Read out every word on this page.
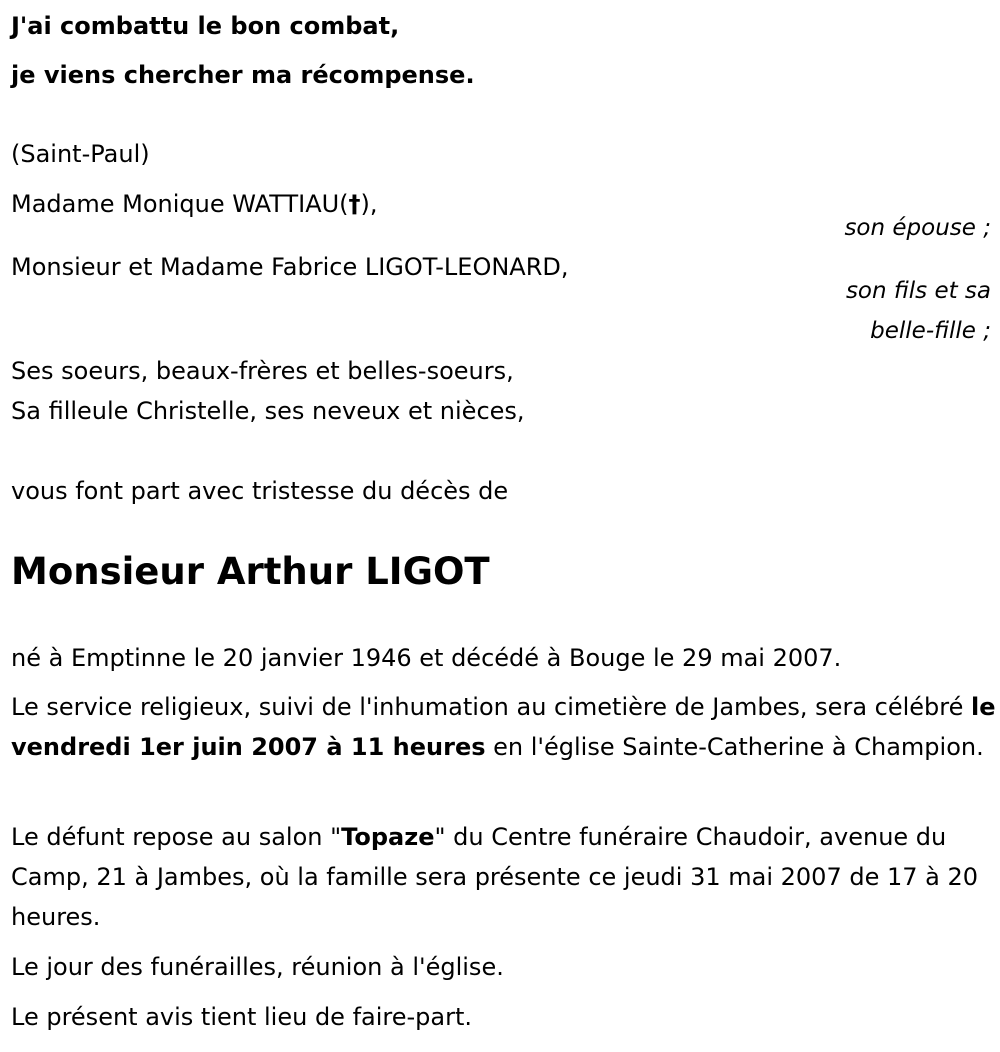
J'ai combattu le bon combat,
je viens chercher ma récompense.
(Saint-Paul)
Madame Monique WATTIAU(†),
son épouse ;
Monsieur et Madame Fabrice LIGOT-LEONARD,
son fils et sa
belle-fille ;
Ses soeurs, beaux-frères et belles-soeurs,
Sa filleule Christelle, ses neveux et nièces,
vous font part avec tristesse du décès de
Monsieur Arthur LIGOT
né à Emptinne le 20 janvier 1946 et décédé à Bouge le 29 mai 2007.
Le service religieux, suivi de l'inhumation au cimetière de Jambes, sera célébré le vendredi 1er juin 2007 à 11 heures en l'église Sainte-Catherine à Champion.
Le défunt repose au salon "Topaze" du Centre funéraire Chaudoir, avenue du Camp, 21 à Jambes, où la famille sera présente ce jeudi 31 mai 2007 de 17 à 20 heures.
Le jour des funérailles, réunion à l'église.
Le présent avis tient lieu de faire-part.
